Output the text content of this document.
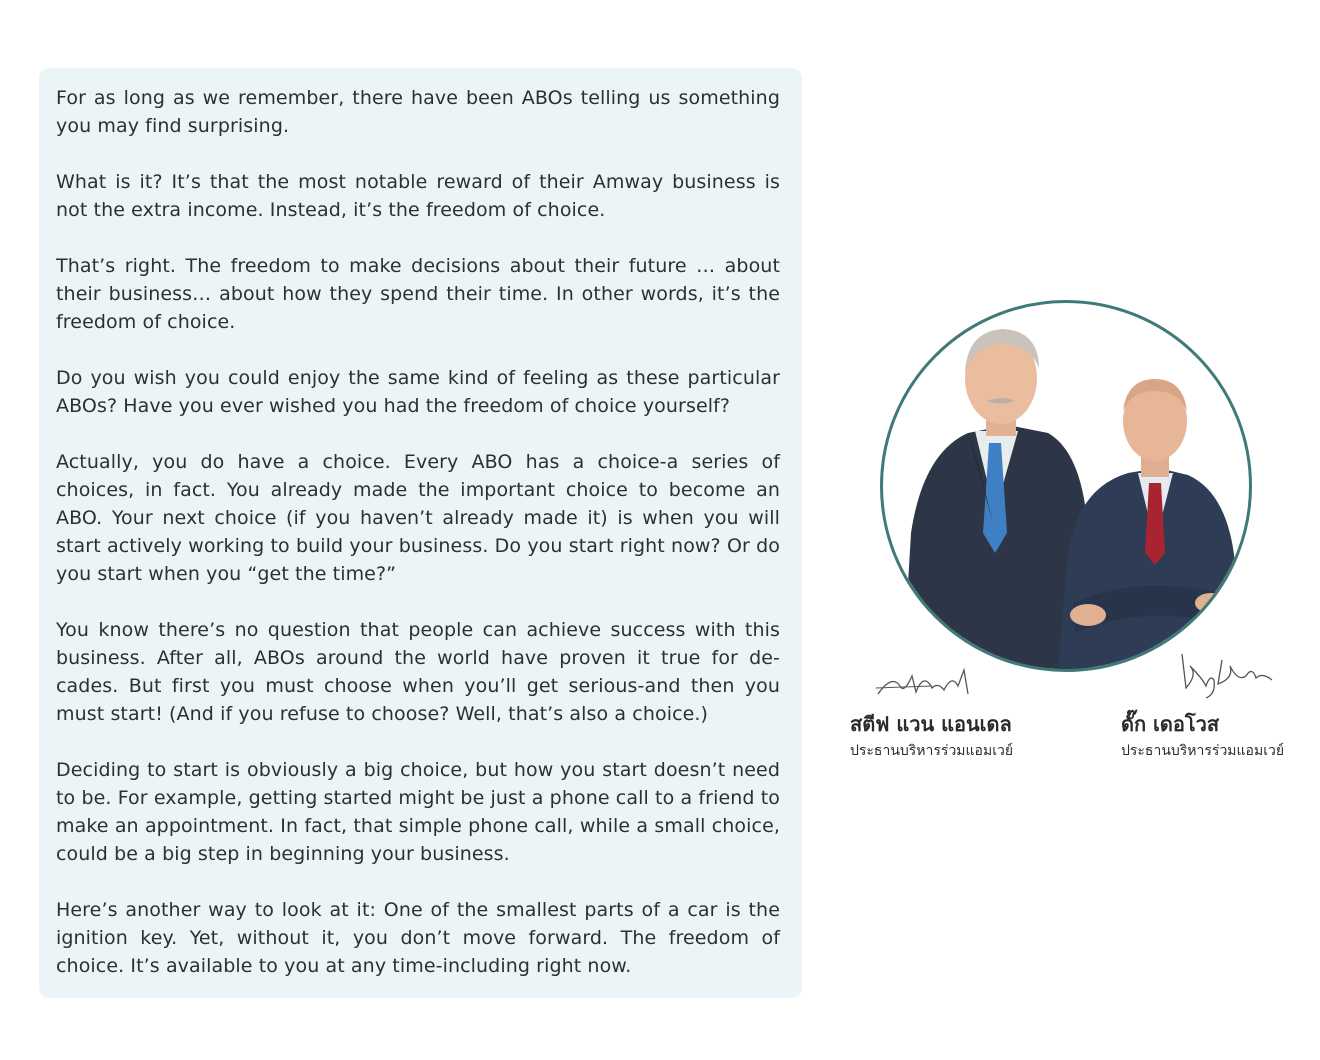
For as long as we remember, there have been ABOs telling us something you may find surprising.

What is it? It’s that the most notable reward of their Amway business is not the extra income. Instead, it’s the freedom of choice.

That’s right. The freedom to make decisions about their future … about their business… about how they spend their time. In other words, it’s the freedom of choice.

Do you wish you could enjoy the same kind of feeling as these particular ABOs? Have you ever wished you had the freedom of choice yourself?

Actually, you do have a choice. Every ABO has a choice-a series of choices, in fact. You already made the important choice to become an ABO. Your next choice (if you haven’t already made it) is when you will start actively working to build your business. Do you start right now? Or do you start when you “get the time?”

You know there’s no question that people can achieve success with this business. After all, ABOs around the world have proven it true for de-cades. But first you must choose when you’ll get serious-and then you must start! (And if you refuse to choose? Well, that’s also a choice.)

Deciding to start is obviously a big choice, but how you start doesn’t need to be. For example, getting started might be just a phone call to a friend to make an appointment. In fact, that simple phone call, while a small choice, could be a big step in beginning your business.

Here’s another way to look at it: One of the smallest parts of a car is the ignition key. Yet, without it, you don’t move forward. The freedom of choice. It’s available to you at any time-including right now.

สตีฟ แวน แอนเดล

ประธานบริหารร่วมแอมเวย์

ดั๊ก เดอโวส

ประธานบริหารร่วมแอมเวย์
